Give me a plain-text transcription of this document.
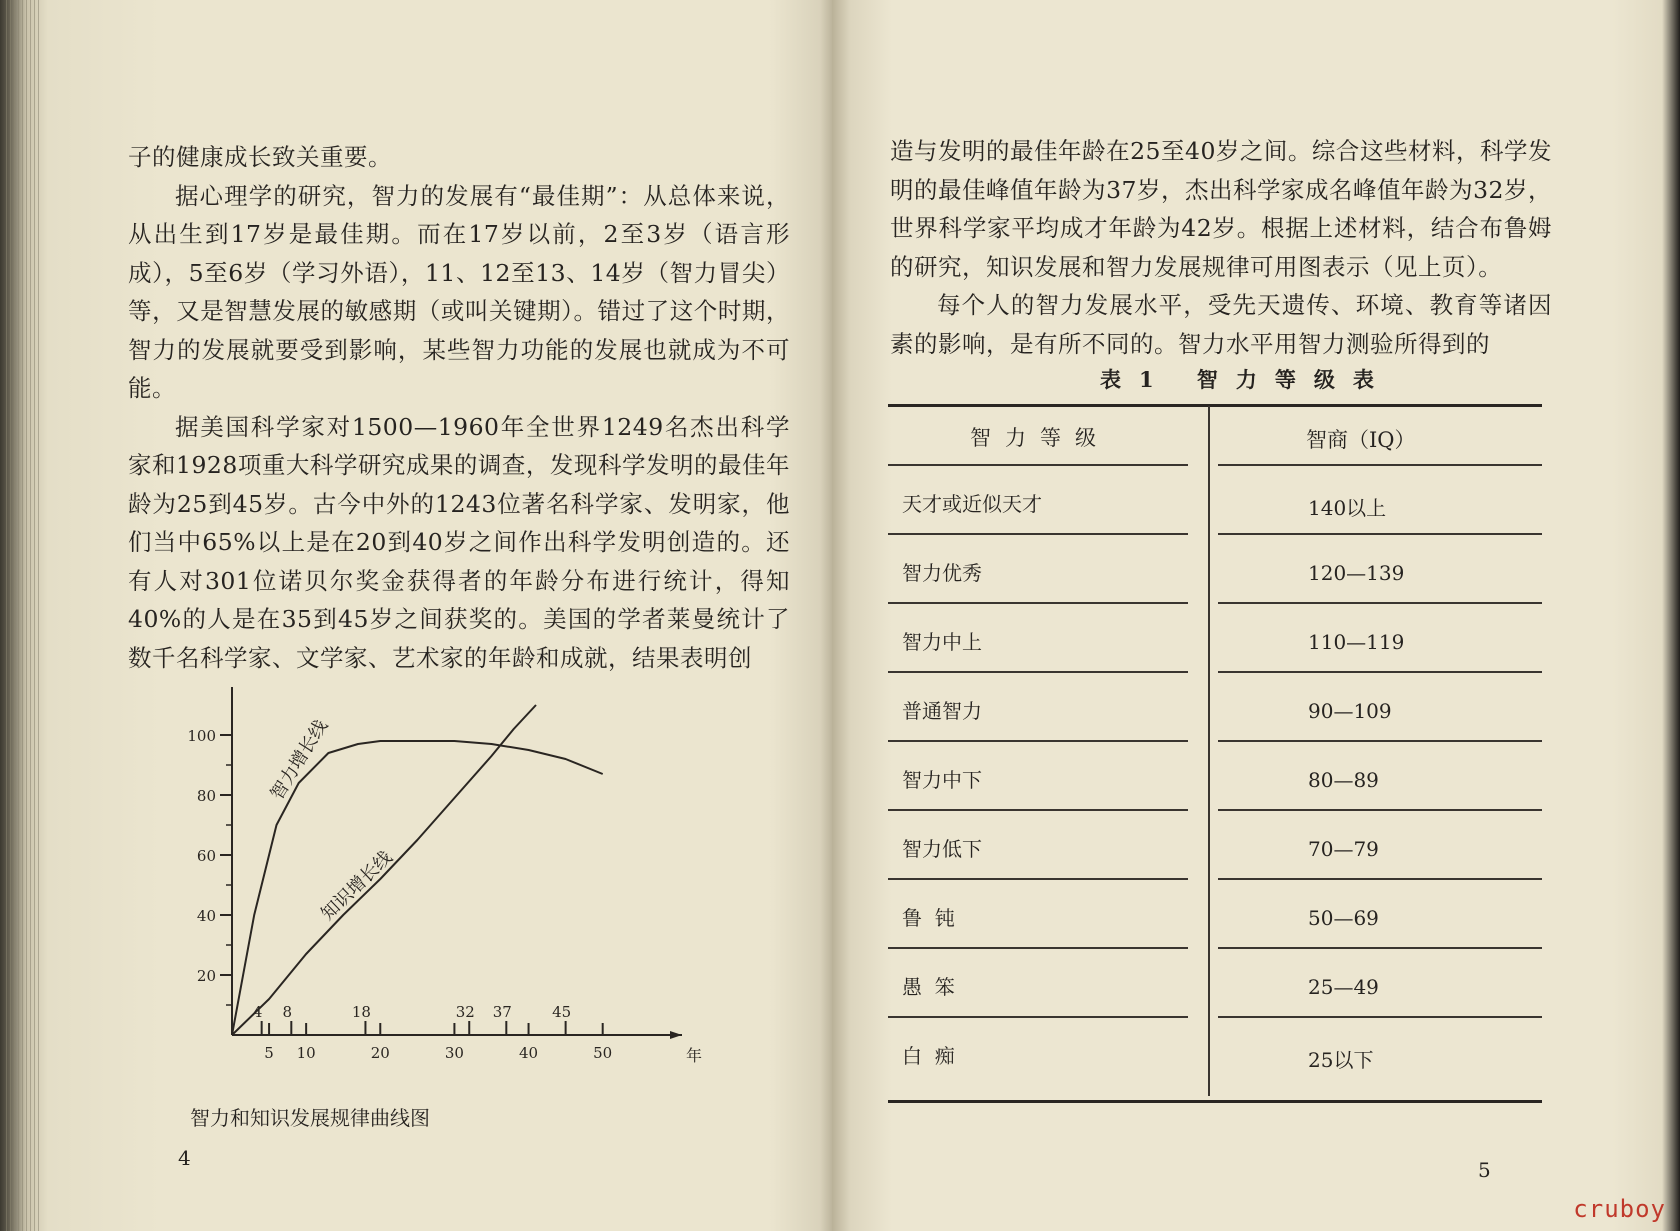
子的健康成长致关重要。

据心理学的研究，智力的发展有“最佳期”：从总体来说，从出生到17岁是最佳期。而在17岁以前，2至3岁（语言形成），5至6岁（学习外语），11、12至13、14岁（智力冒尖）等，又是智慧发展的敏感期（或叫关键期）。错过了这个时期，智力的发展就要受到影响，某些智力功能的发展也就成为不可能。

据美国科学家对1500—1960年全世界1249名杰出科学家和1928项重大科学研究成果的调查，发现科学发明的最佳年龄为25到45岁。古今中外的1243位著名科学家、发明家，他们当中65%以上是在20到40岁之间作出科学发明创造的。还有人对301位诺贝尔奖金获得者的年龄分布进行统计，得知40%的人是在35到45岁之间获奖的。美国的学者莱曼统计了数千名科学家、文学家、艺术家的年龄和成就，结果表明创

20
40
60
80
100
5 10	20	30	40	50
4 8	18	32 37	45
年
智力增长线
知识增长线
智力和知识发展规律曲线图
4

造与发明的最佳年龄在25至40岁之间。综合这些材料，科学发明的最佳峰值年龄为37岁，杰出科学家成名峰值年龄为32岁，世界科学家平均成才年龄为42岁。根据上述材料，结合布鲁姆的研究，知识发展和智力发展规律可用图表示（见上页）。

每个人的智力发展水平，受先天遗传、环境、教育等诸因素的影响，是有所不同的。智力水平用智力测验所得到的

表1 智力等级表
智力等级	智商（IQ）
天才或近似天才	140以上
智力优秀	120—139
智力中上	110—119
普通智力	90—109
智力中下	80—89
智力低下	70—79
鲁  钝	50—69
愚  笨	25—49
白  痴	25以下
5
cruboy
